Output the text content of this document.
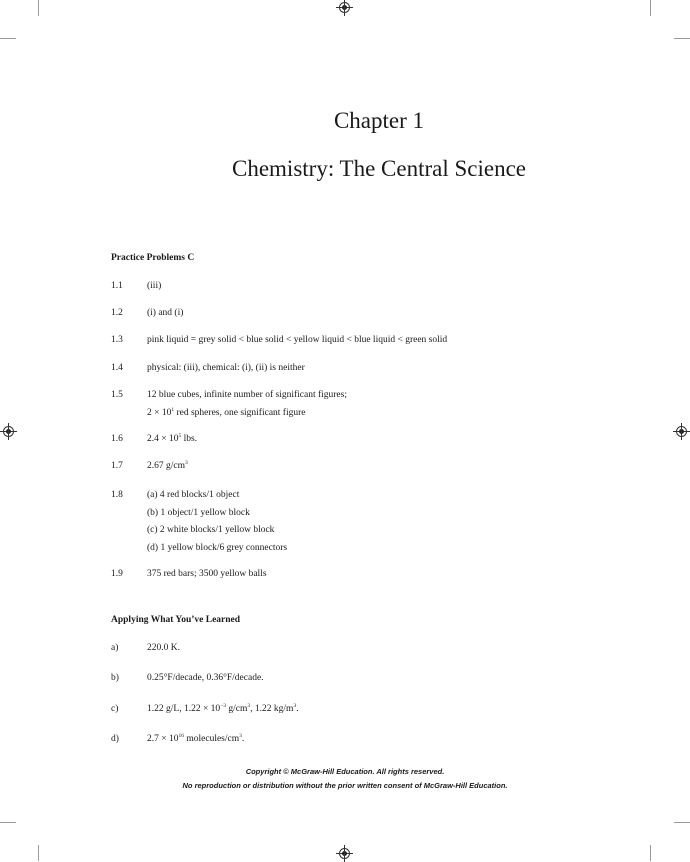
Chapter 1
Chemistry: The Central Science
Practice Problems C
1.1	(iii)
1.2	(i) and (i)
1.3	pink liquid = grey solid < blue solid < yellow liquid < blue liquid < green solid
1.4	physical: (iii), chemical: (i), (ii) is neither
1.5	12 blue cubes, infinite number of significant figures;
$2 \times 10^1$ red spheres, one significant figure
1.6	$2.4 \times 10^5$ lbs.
1.7	2.67 $g/cm^3$
1.8	(a) 4 red blocks/1 object
(b) 1 object/1 yellow block
(c) 2 white blocks/1 yellow block
(d) 1 yellow block/6 grey connectors
1.9	375 red bars; 3500 yellow balls
Applying What You’ve Learned
a)	220.0 K.
b)	0.25°F/decade, 0.36°F/decade.
c)	1.22 g/L, $1.22 \times 10^{-3}$ $g/cm^3$, 1.22 $kg/m^3$.
d)	$2.7 \times 10^{16}$ molecules/$cm^3$.
Copyright © McGraw-Hill Education. All rights reserved.
No reproduction or distribution without the prior written consent of McGraw-Hill Education.
